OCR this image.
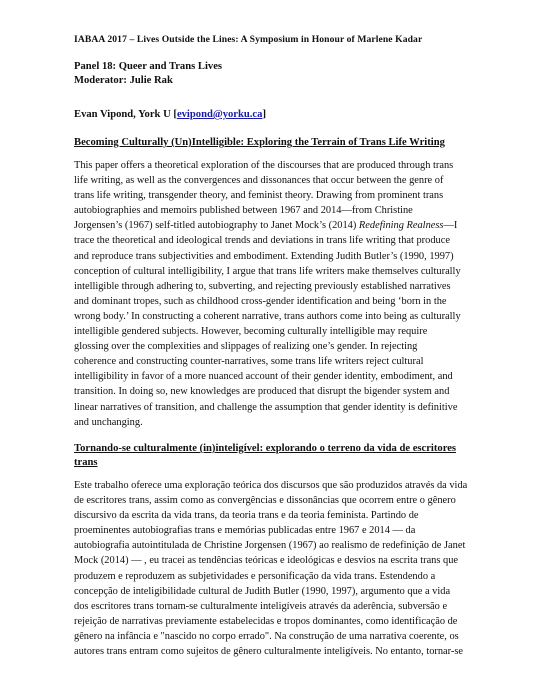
IABAA 2017 – Lives Outside the Lines: A Symposium in Honour of Marlene Kadar
Panel 18: Queer and Trans Lives
Moderator: Julie Rak
Evan Vipond, York U [evipond@yorku.ca]
Becoming Culturally (Un)Intelligible: Exploring the Terrain of Trans Life Writing
This paper offers a theoretical exploration of the discourses that are produced through trans
life writing, as well as the convergences and dissonances that occur between the genre of
trans life writing, transgender theory, and feminist theory. Drawing from prominent trans
autobiographies and memoirs published between 1967 and 2014—from Christine
Jorgensen’s (1967) self-titled autobiography to Janet Mock’s (2014) Redefining Realness—I
trace the theoretical and ideological trends and deviations in trans life writing that produce
and reproduce trans subjectivities and embodiment. Extending Judith Butler’s (1990, 1997)
conception of cultural intelligibility, I argue that trans life writers make themselves culturally
intelligible through adhering to, subverting, and rejecting previously established narratives
and dominant tropes, such as childhood cross-gender identification and being ‘born in the
wrong body.’ In constructing a coherent narrative, trans authors come into being as culturally
intelligible gendered subjects. However, becoming culturally intelligible may require
glossing over the complexities and slippages of realizing one’s gender. In rejecting
coherence and constructing counter-narratives, some trans life writers reject cultural
intelligibility in favor of a more nuanced account of their gender identity, embodiment, and
transition. In doing so, new knowledges are produced that disrupt the bigender system and
linear narratives of transition, and challenge the assumption that gender identity is definitive
and unchanging.
Tornando-se culturalmente (in)inteligível: explorando o terreno da vida de escritores trans
Este trabalho oferece uma exploração teórica dos discursos que são produzidos através da vida
de escritores trans, assim como as convergências e dissonâncias que ocorrem entre o gênero
discursivo da escrita da vida trans, da teoria trans e da teoria feminista. Partindo de
proeminentes autobiografias trans e memórias publicadas entre 1967 e 2014 — da
autobiografia autointitulada de Christine Jorgensen (1967) ao realismo de redefinição de Janet
Mock (2014) — , eu tracei as tendências teóricas e ideológicas e desvios na escrita trans que
produzem e reproduzem as subjetividades e personificação da vida trans. Estendendo a
concepção de inteligibilidade cultural de Judith Butler (1990, 1997), argumento que a vida
dos escritores trans tornam-se culturalmente inteligíveis através da aderência, subversão e
rejeição de narrativas previamente estabelecidas e tropos dominantes, como identificação de
gênero na infância e "nascido no corpo errado". Na construção de uma narrativa coerente, os
autores trans entram como sujeitos de gênero culturalmente inteligíveis. No entanto, tornar-se
